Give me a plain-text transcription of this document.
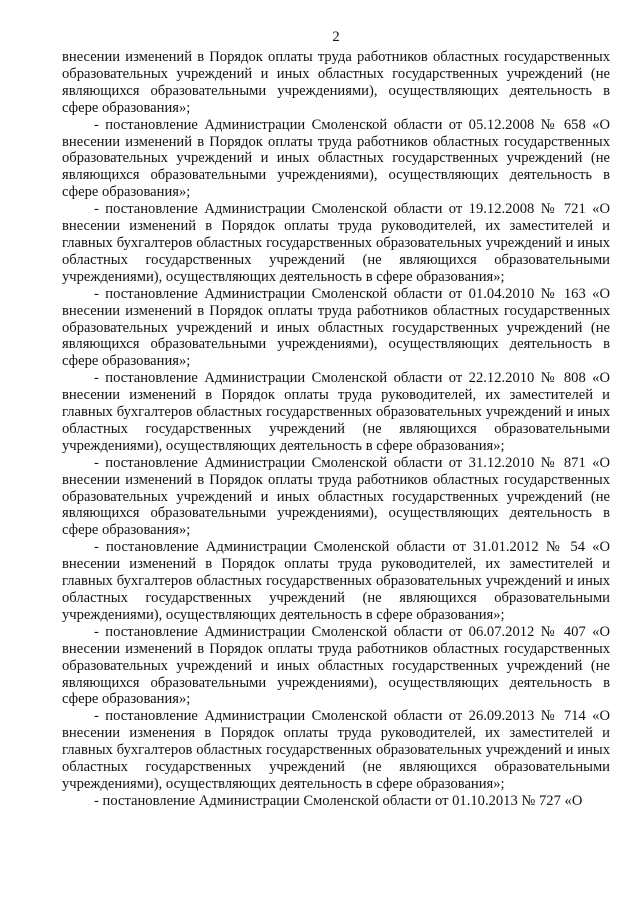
2

внесении изменений в Порядок оплаты труда работников областных государственных образовательных учреждений и иных областных государственных учреждений (не являющихся образовательными учреждениями), осуществляющих деятельность в сфере образования»;

- постановление Администрации Смоленской области от 05.12.2008 № 658 «О внесении изменений в Порядок оплаты труда работников областных государственных образовательных учреждений и иных областных государственных учреждений (не являющихся образовательными учреждениями), осуществляющих деятельность в сфере образования»;

- постановление Администрации Смоленской области от 19.12.2008 № 721 «О внесении изменений в Порядок оплаты труда руководителей, их заместителей и главных бухгалтеров областных государственных образовательных учреждений и иных областных государственных учреждений (не являющихся образовательными учреждениями), осуществляющих деятельность в сфере образования»;

- постановление Администрации Смоленской области от 01.04.2010 № 163 «О внесении изменений в Порядок оплаты труда работников областных государственных образовательных учреждений и иных областных государственных учреждений (не являющихся образовательными учреждениями), осуществляющих деятельность в сфере образования»;

- постановление Администрации Смоленской области от 22.12.2010 № 808 «О внесении изменений в Порядок оплаты труда руководителей, их заместителей и главных бухгалтеров областных государственных образовательных учреждений и иных областных государственных учреждений (не являющихся образовательными учреждениями), осуществляющих деятельность в сфере образования»;

- постановление Администрации Смоленской области от 31.12.2010 № 871 «О внесении изменений в Порядок оплаты труда работников областных государственных образовательных учреждений и иных областных государственных учреждений (не являющихся образовательными учреждениями), осуществляющих деятельность в сфере образования»;

- постановление Администрации Смоленской области от 31.01.2012 № 54 «О внесении изменений в Порядок оплаты труда руководителей, их заместителей и главных бухгалтеров областных государственных образовательных учреждений и иных областных государственных учреждений (не являющихся образовательными учреждениями), осуществляющих деятельность в сфере образования»;

- постановление Администрации Смоленской области от 06.07.2012 № 407 «О внесении изменений в Порядок оплаты труда работников областных государственных образовательных учреждений и иных областных государственных учреждений (не являющихся образовательными учреждениями), осуществляющих деятельность в сфере образования»;

- постановление Администрации Смоленской области от 26.09.2013 № 714 «О внесении изменения в Порядок оплаты труда руководителей, их заместителей и главных бухгалтеров областных государственных образовательных учреждений и иных областных государственных учреждений (не являющихся образовательными учреждениями), осуществляющих деятельность в сфере образования»;

- постановление Администрации Смоленской области от 01.10.2013 № 727 «О
